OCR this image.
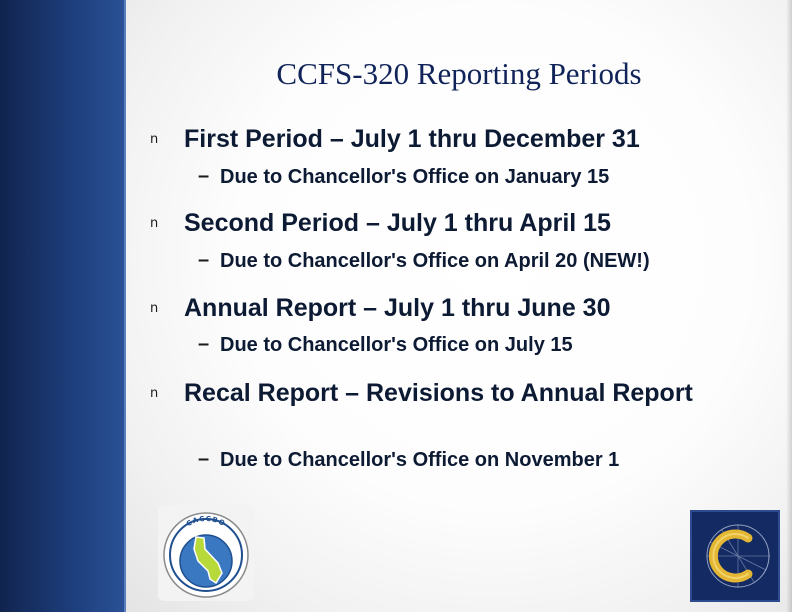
CCFS-320 Reporting Periods
n First Period – July 1 thru December 31
– Due to Chancellor's Office on January 15
n Second Period – July 1 thru April 15
– Due to Chancellor's Office on April 20 (NEW!)
n Annual Report – July 1 thru June 30
– Due to Chancellor's Office on July 15
n Recal Report – Revisions to Annual Report
– Due to Chancellor's Office on November 1
CACCBO
